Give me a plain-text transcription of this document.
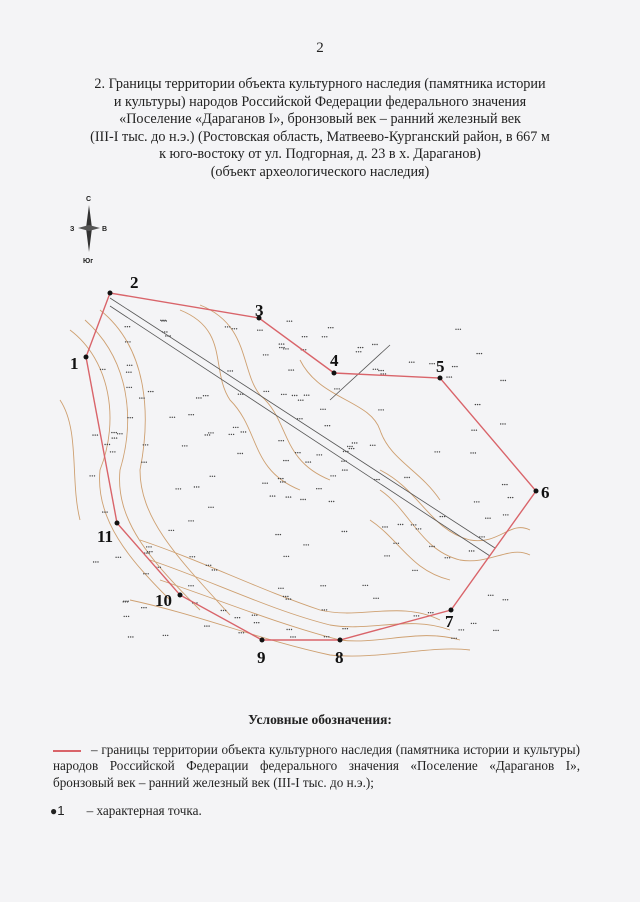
2
2. Границы территории объекта культурного наследия (памятника истории
и культуры) народов Российской Федерации федерального значения
«Поселение «Дараганов I», бронзовый век – ранний железный век
(III-I тыс. до н.э.) (Ростовская область, Матвеево-Курганский район, в 667 м
к юго-востоку от ул. Подгорная, д. 23 в х. Дараганов)
(объект археологического наследия)
С
З	В
Юг
1
2
3
4	5
6
7
8
9
10
11
Условные обозначения:
– границы территории объекта культурного наследия (памятника истории и культуры) народов Российской Федерации федерального значения «Поселение «Дараганов I», бронзовый век – ранний железный век (III-I тыс. до н.э.);
●1 – характерная точка.
